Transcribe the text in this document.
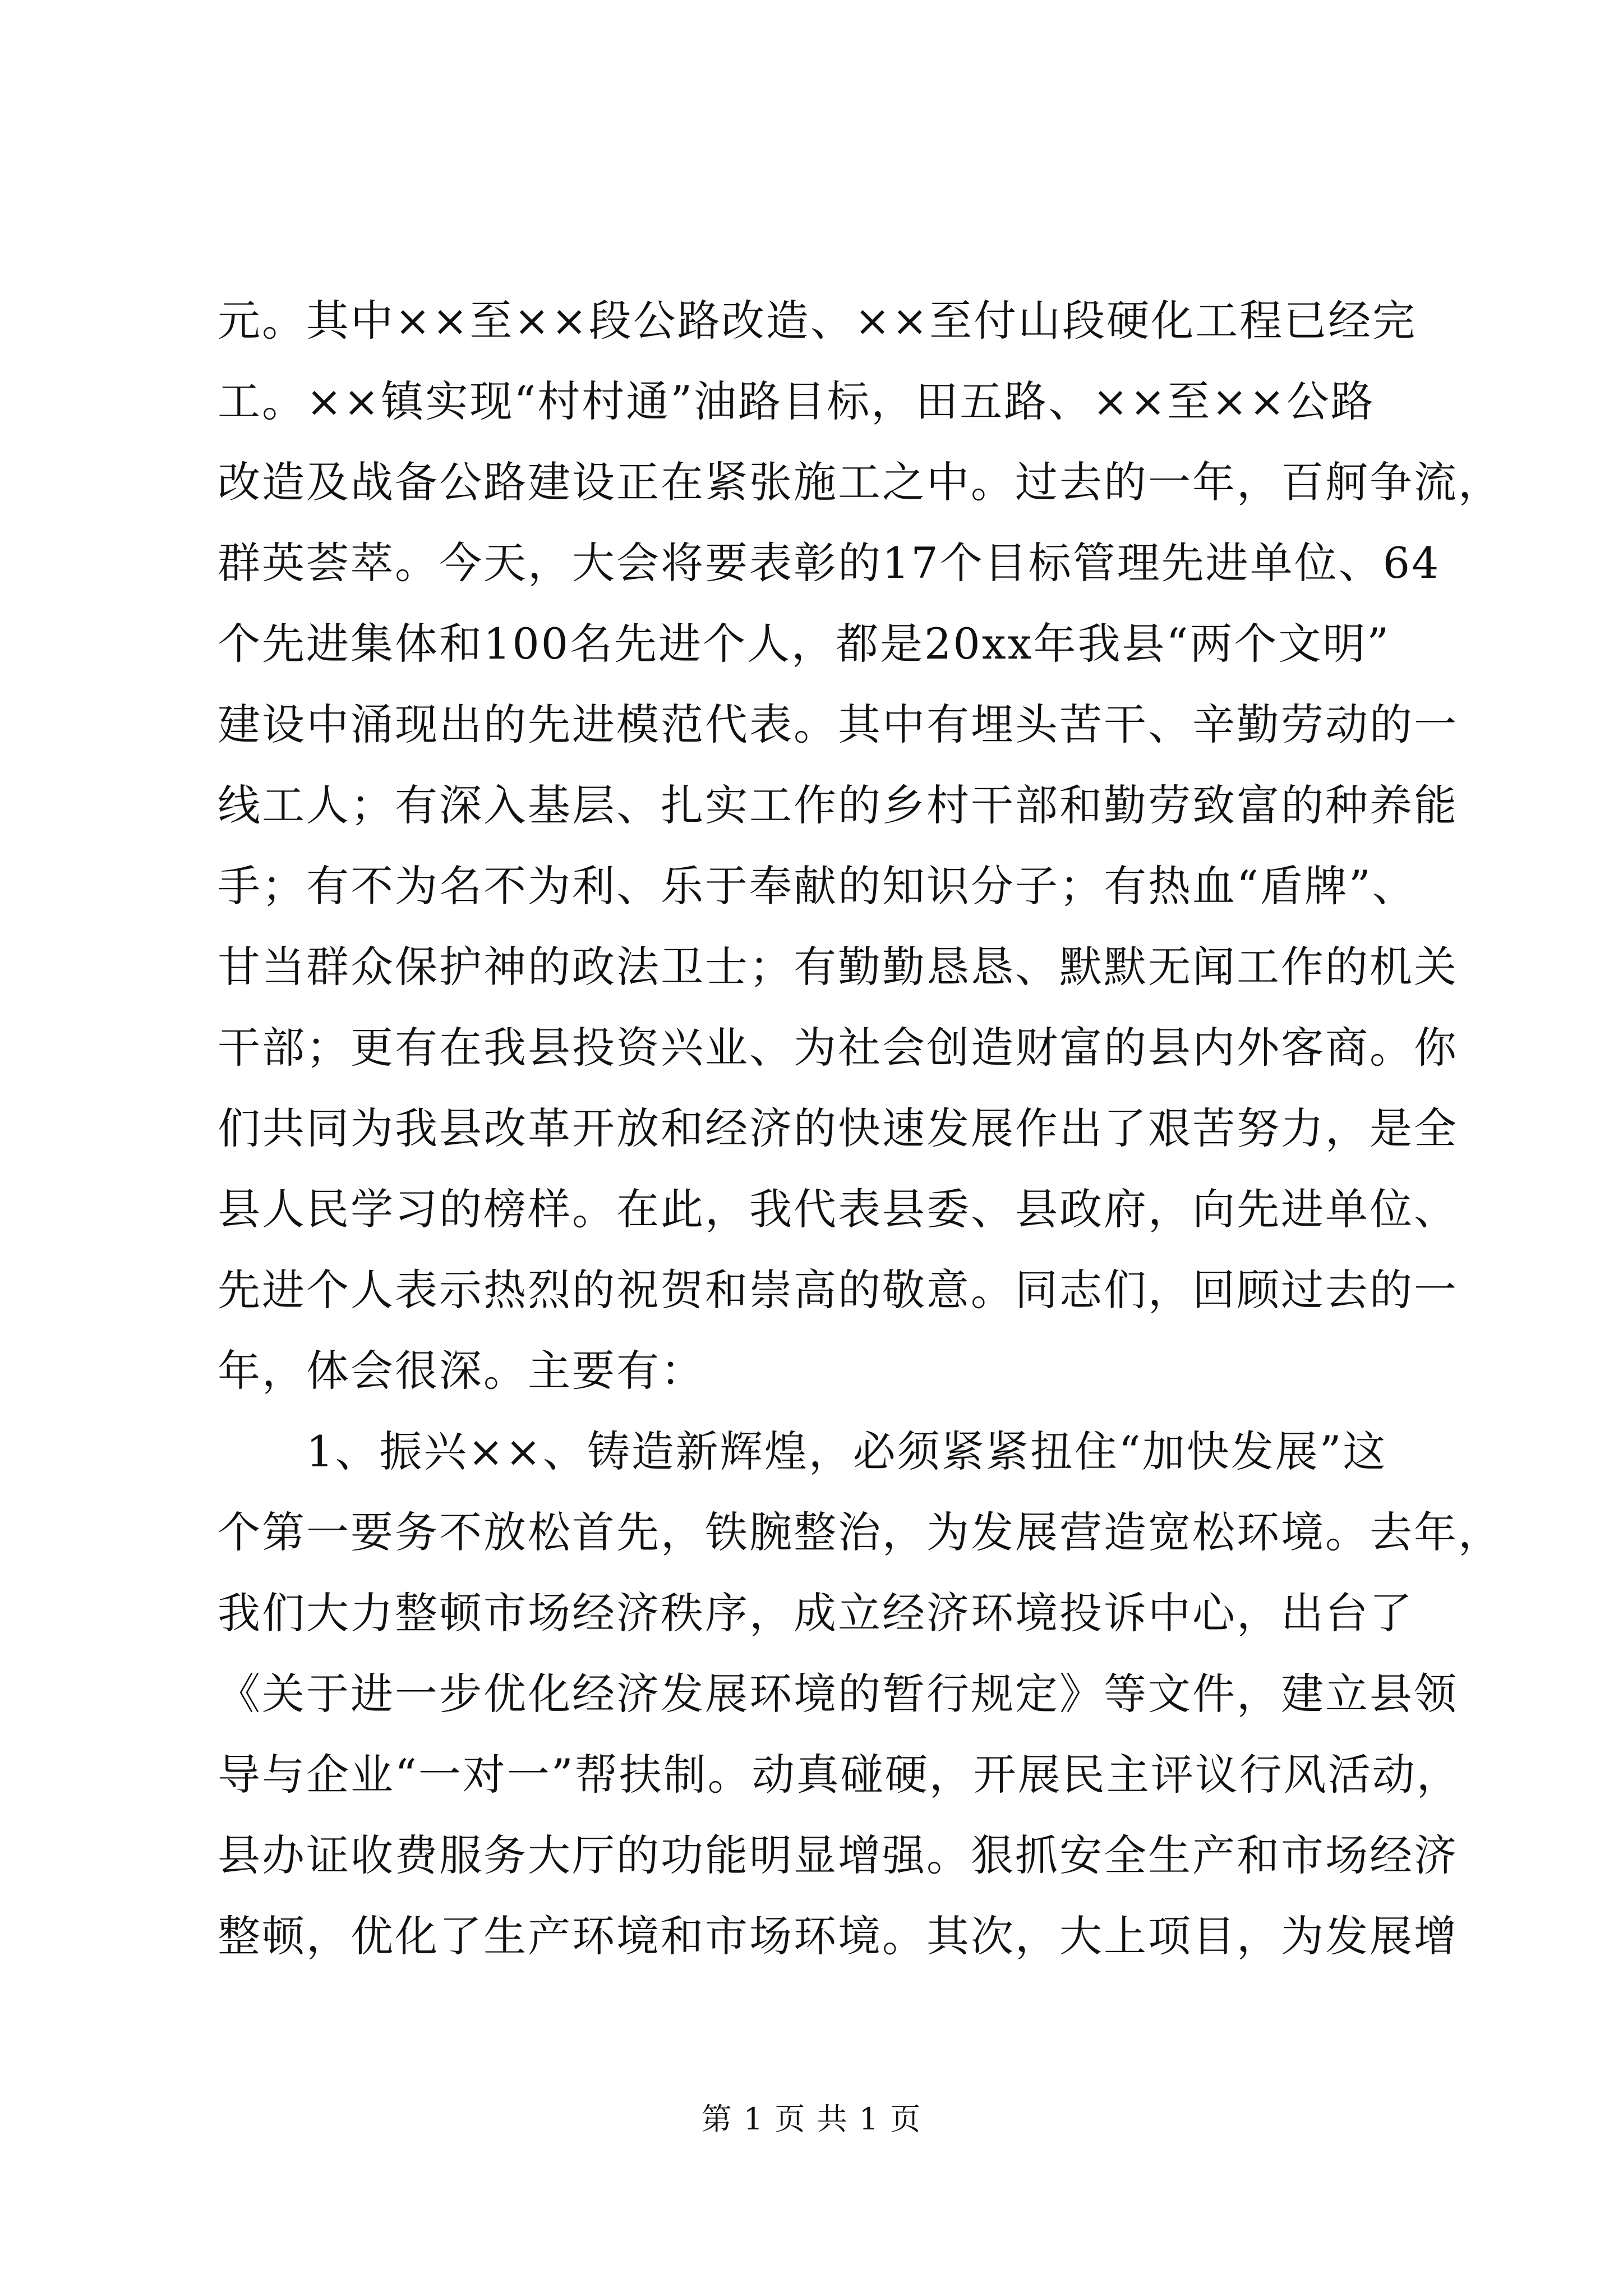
元。其中××至××段公路改造、××至付山段硬化工程已经完
工。××镇实现“村村通”油路目标，田五路、××至××公路
改造及战备公路建设正在紧张施工之中。过去的一年，百舸争流，
群英荟萃。今天，大会将要表彰的17个目标管理先进单位、64
个先进集体和100名先进个人，都是20xx年我县“两个文明”
建设中涌现出的先进模范代表。其中有埋头苦干、辛勤劳动的一
线工人；有深入基层、扎实工作的乡村干部和勤劳致富的种养能
手；有不为名不为利、乐于奉献的知识分子；有热血“盾牌”、
甘当群众保护神的政法卫士；有勤勤恳恳、默默无闻工作的机关
干部；更有在我县投资兴业、为社会创造财富的县内外客商。你
们共同为我县改革开放和经济的快速发展作出了艰苦努力，是全
县人民学习的榜样。在此，我代表县委、县政府，向先进单位、
先进个人表示热烈的祝贺和崇高的敬意。同志们，回顾过去的一
年，体会很深。主要有：
　　1、振兴××、铸造新辉煌，必须紧紧扭住“加快发展”这
个第一要务不放松首先，铁腕整治，为发展营造宽松环境。去年，
我们大力整顿市场经济秩序，成立经济环境投诉中心，出台了
《关于进一步优化经济发展环境的暂行规定》等文件，建立县领
导与企业“一对一”帮扶制。动真碰硬，开展民主评议行风活动，
县办证收费服务大厅的功能明显增强。狠抓安全生产和市场经济
整顿，优化了生产环境和市场环境。其次，大上项目，为发展增
第 1 页 共 1 页
